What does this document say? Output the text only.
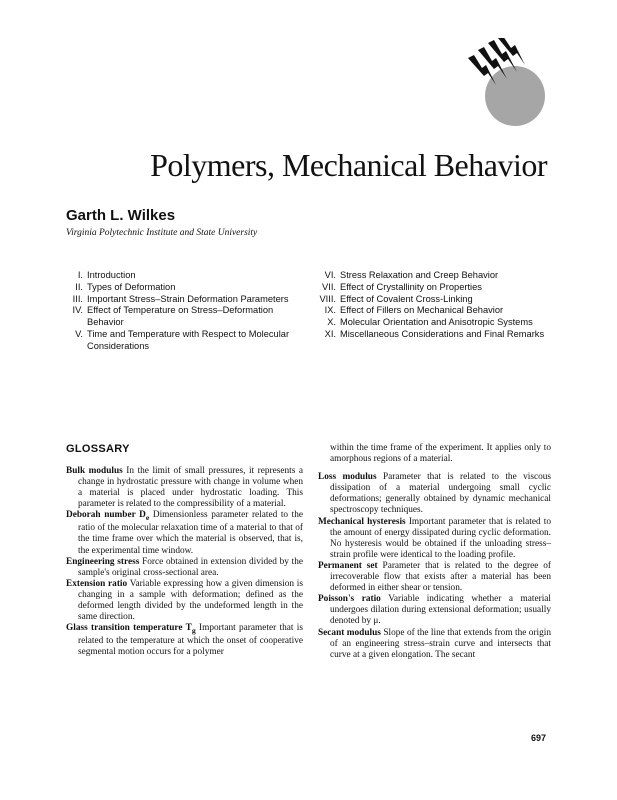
Polymers, Mechanical Behavior
Garth L. Wilkes
Virginia Polytechnic Institute and State University
I. Introduction
II. Types of Deformation
III. Important Stress–Strain Deformation Parameters
IV. Effect of Temperature on Stress–Deformation Behavior
V. Time and Temperature with Respect to Molecular Considerations
VI. Stress Relaxation and Creep Behavior
VII. Effect of Crystallinity on Properties
VIII. Effect of Covalent Cross-Linking
IX. Effect of Fillers on Mechanical Behavior
X. Molecular Orientation and Anisotropic Systems
XI. Miscellaneous Considerations and Final Remarks
GLOSSARY

Bulk modulus In the limit of small pressures, it represents a change in hydrostatic pressure with change in volume when a material is placed under hydrostatic loading. This parameter is related to the compressibility of a material.

Deborah number $D_e$ Dimensionless parameter related to the ratio of the molecular relaxation time of a material to that of the time frame over which the material is observed, that is, the experimental time window.

Engineering stress Force obtained in extension divided by the sample's original cross-sectional area.

Extension ratio Variable expressing how a given dimension is changing in a sample with deformation; defined as the deformed length divided by the undeformed length in the same direction.

Glass transition temperature $T_g$ Important parameter that is related to the temperature at which the onset of cooperative segmental motion occurs for a polymer

within the time frame of the experiment. It applies only to amorphous regions of a material.

Loss modulus Parameter that is related to the viscous dissipation of a material undergoing small cyclic deformations; generally obtained by dynamic mechanical spectroscopy techniques.

Mechanical hysteresis Important parameter that is related to the amount of energy dissipated during cyclic deformation. No hysteresis would be obtained if the unloading stress–strain profile were identical to the loading profile.

Permanent set Parameter that is related to the degree of irrecoverable flow that exists after a material has been deformed in either shear or tension.

Poisson's ratio Variable indicating whether a material undergoes dilation during extensional deformation; usually denoted by μ.

Secant modulus Slope of the line that extends from the origin of an engineering stress–strain curve and intersects that curve at a given elongation. The secant

697
